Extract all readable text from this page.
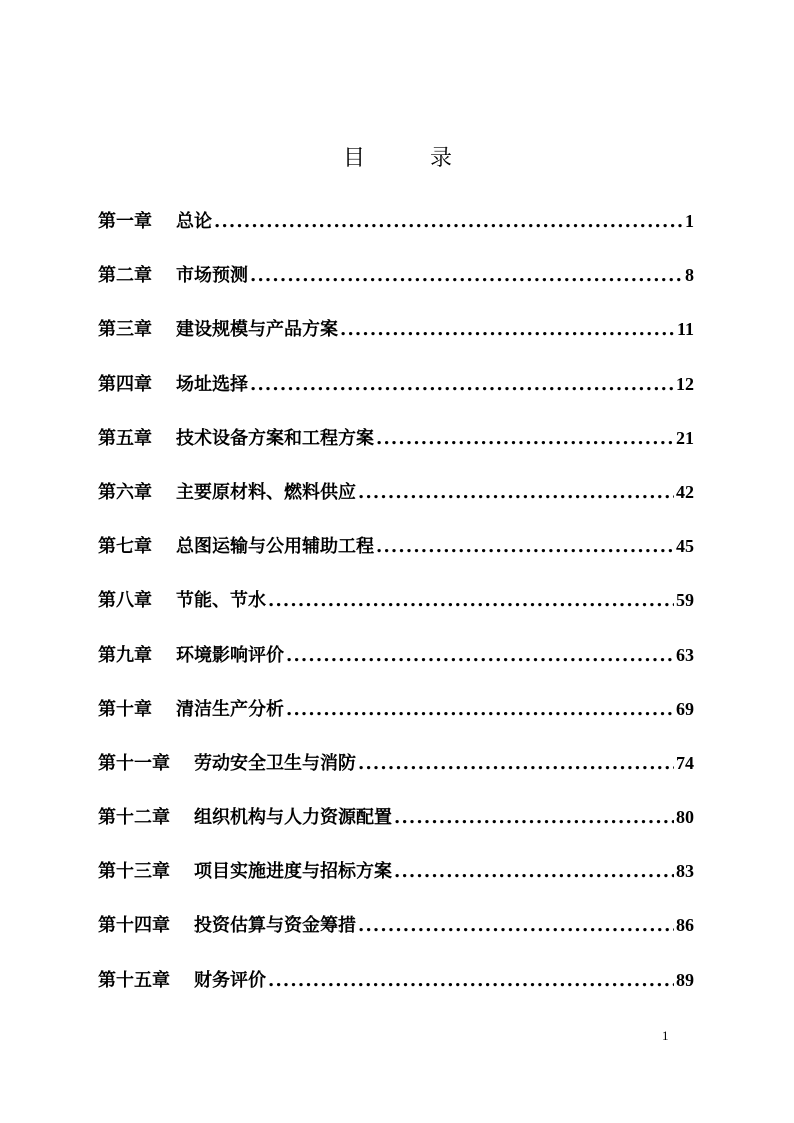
目	录
第一章 总论 .....	1
第二章 市场预测 .....	8
第三章 建设规模与产品方案 .....	11
第四章 场址选择 .....	12
第五章 技术设备方案和工程方案 .....	21
第六章 主要原材料、燃料供应 .....	42
第七章 总图运输与公用辅助工程 .....	45
第八章 节能、节水 .....	59
第九章 环境影响评价 .....	63
第十章 清洁生产分析 .....	69
第十一章 劳动安全卫生与消防 .....	74
第十二章 组织机构与人力资源配置 .....	80
第十三章 项目实施进度与招标方案 .....	83
第十四章 投资估算与资金筹措 .....	86
第十五章 财务评价 .....	89
1
